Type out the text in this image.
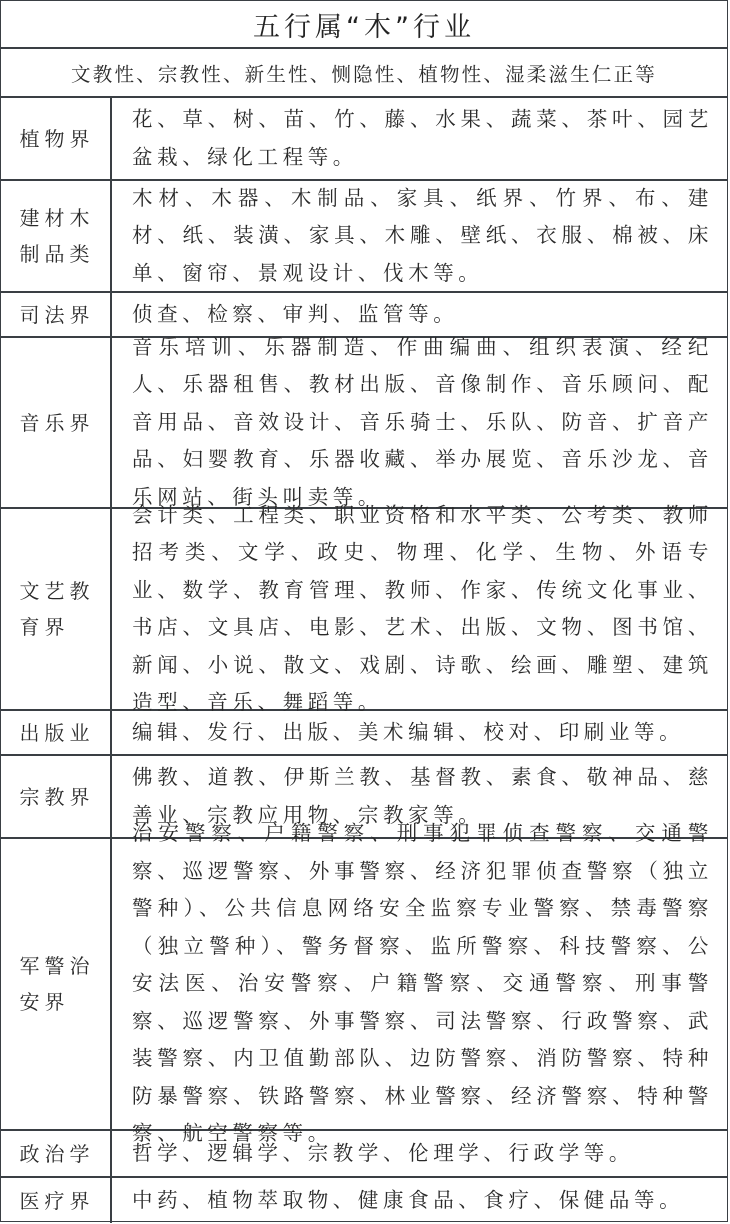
五行属“木”行业
文教性、宗教性、新生性、恻隐性、植物性、湿柔滋生仁正等
植物界
花、草、树、苗、竹、藤、水果、蔬菜、茶叶、园艺盆栽、绿化工程等。
建材木制品类
木材、木器、木制品、家具、纸界、竹界、布、建材、纸、装潢、家具、木雕、壁纸、衣服、棉被、床单、窗帘、景观设计、伐木等。
司法界 侦查、检察、审判、监管等。
音乐界
音乐培训、乐器制造、作曲编曲、组织表演、经纪人、乐器租售、教材出版、音像制作、音乐顾问、配音用品、音效设计、音乐骑士、乐队、防音、扩音产品、妇婴教育、乐器收藏、举办展览、音乐沙龙、音乐网站、街头叫卖等。
文艺教育界
会计类、工程类、职业资格和水平类、公考类、教师招考类、文学、政史、物理、化学、生物、外语专业、数学、教育管理、教师、作家、传统文化事业、书店、文具店、电影、艺术、出版、文物、图书馆、新闻、小说、散文、戏剧、诗歌、绘画、雕塑、建筑造型、音乐、舞蹈等。
出版业 编辑、发行、出版、美术编辑、校对、印刷业等。
宗教界
佛教、道教、伊斯兰教、基督教、素食、敬神品、慈善业、宗教应用物、宗教家等。
军警治安界
治安警察、户籍警察、刑事犯罪侦查警察、交通警察、巡逻警察、外事警察、经济犯罪侦查警察（独立警种）、公共信息网络安全监察专业警察、禁毒警察（独立警种）、警务督察、监所警察、科技警察、公安法医、治安警察、户籍警察、交通警察、刑事警察、巡逻警察、外事警察、司法警察、行政警察、武装警察、内卫值勤部队、边防警察、消防警察、特种防暴警察、铁路警察、林业警察、经济警察、特种警察、航空警察等。
政治学 哲学、逻辑学、宗教学、伦理学、行政学等。
医疗界 中药、植物萃取物、健康食品、食疗、保健品等。
